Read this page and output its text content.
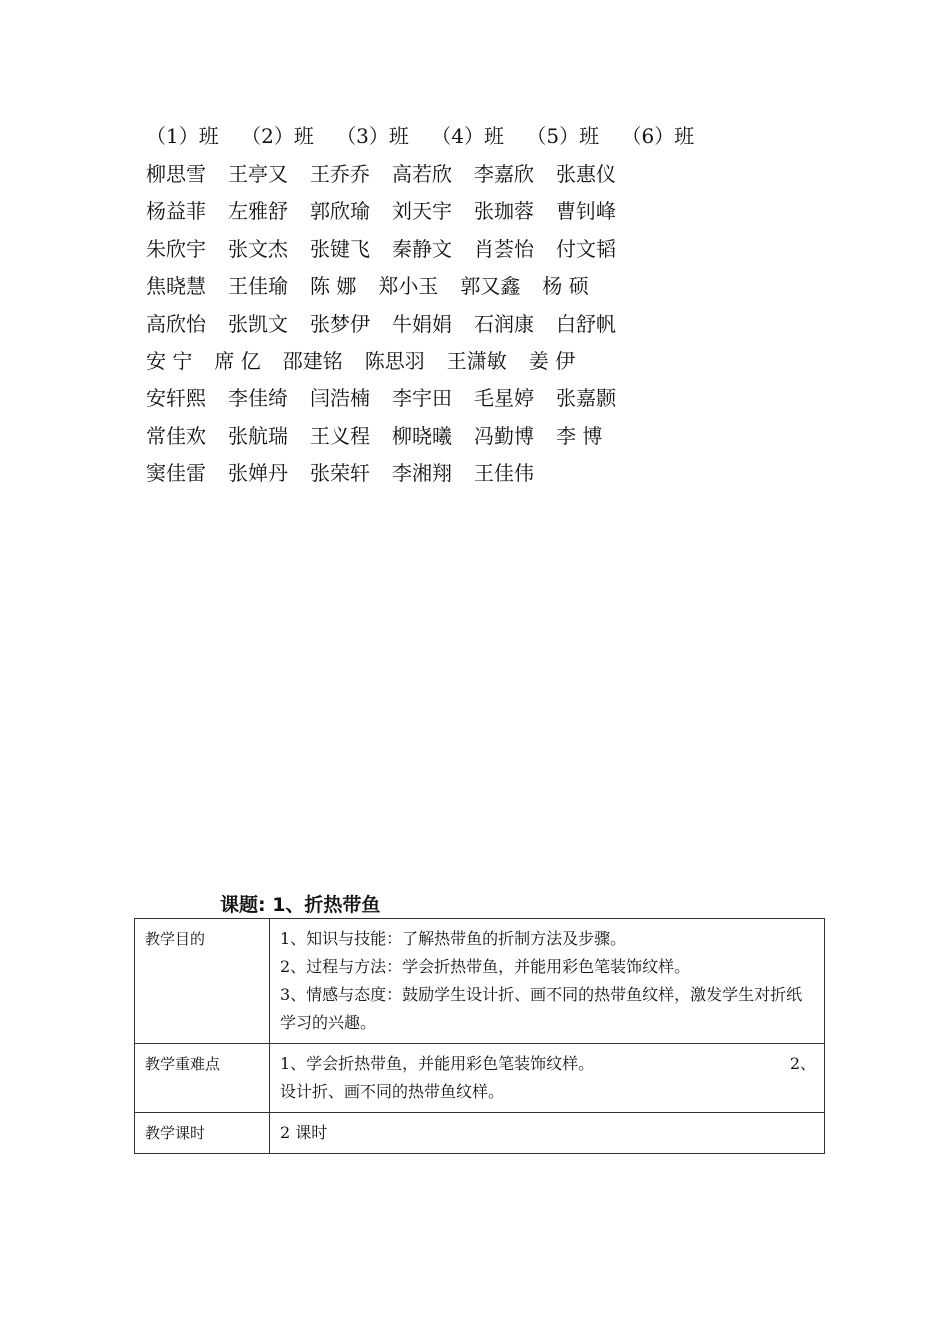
（1）班 （2）班 （3）班 （4）班 （5）班 （6）班
柳思雪 王亭又 王乔乔 高若欣 李嘉欣 张惠仪
杨益菲 左雅舒 郭欣瑜 刘天宇 张珈蓉 曹钊峰
朱欣宇 张文杰 张键飞 秦静文 肖荟怡 付文韬
焦晓慧 王佳瑜 陈 娜 郑小玉 郭又鑫 杨 硕
高欣怡 张凯文 张梦伊 牛娟娟 石润康 白舒帆
安 宁 席 亿 邵建铭 陈思羽 王潇敏 姜 伊
安轩熙 李佳绮 闫浩楠 李宇田 毛星婷 张嘉颢
常佳欢 张航瑞 王义程 柳晓曦 冯勤博 李 博
窦佳雷 张婵丹 张荣轩 李湘翔 王佳伟
课题: 1、折热带鱼
教学目的	1、知识与技能：了解热带鱼的折制方法及步骤。
2、过程与方法：学会折热带鱼，并能用彩色笔装饰纹样。
3、情感与态度：鼓励学生设计折、画不同的热带鱼纹样，激发学生对折纸学习的兴趣。

教学重难点	1、学会折热带鱼，并能用彩色笔装饰纹样。 2、
设计折、画不同的热带鱼纹样。

教学课时	2 课时
